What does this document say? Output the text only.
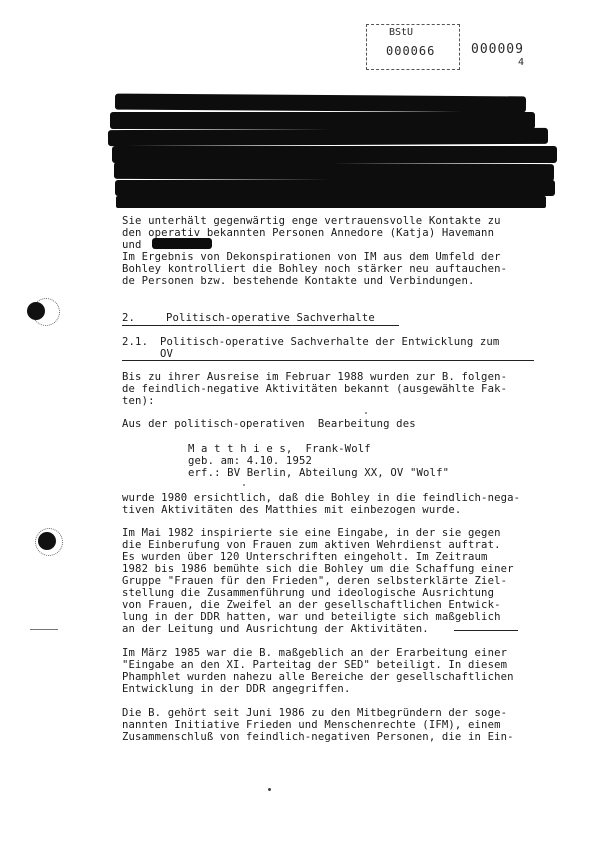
BStU
000066	000009
4
Sie unterhält gegenwärtig enge vertrauensvolle Kontakte zu
den operativ bekannten Personen Annedore (Katja) Havemann
und
Im Ergebnis von Dekonspirationen von IM aus dem Umfeld der
Bohley kontrolliert die Bohley noch stärker neu auftauchen-
de Personen bzw. bestehende Kontakte und Verbindungen.
2.	Politisch-operative Sachverhalte
2.1. Politisch-operative Sachverhalte der Entwicklung zum
OV
Bis zu ihrer Ausreise im Februar 1988 wurden zur B. folgen-
de feindlich-negative Aktivitäten bekannt (ausgewählte Fak-
ten):
Aus der politisch-operativen  Bearbeitung des
M a t t h i e s,  Frank-Wolf
geb. am: 4.10. 1952
erf.: BV Berlin, Abteilung XX, OV "Wolf"
wurde 1980 ersichtlich, daß die Bohley in die feindlich-nega-
tiven Aktivitäten des Matthies mit einbezogen wurde.
Im Mai 1982 inspirierte sie eine Eingabe, in der sie gegen
die Einberufung von Frauen zum aktiven Wehrdienst auftrat.
Es wurden über 120 Unterschriften eingeholt. Im Zeitraum
1982 bis 1986 bemühte sich die Bohley um die Schaffung einer
Gruppe "Frauen für den Frieden", deren selbsterklärte Ziel-
stellung die Zusammenführung und ideologische Ausrichtung
von Frauen, die Zweifel an der gesellschaftlichen Entwick-
lung in der DDR hatten, war und beteiligte sich maßgeblich
an der Leitung und Ausrichtung der Aktivitäten.
Im März 1985 war die B. maßgeblich an der Erarbeitung einer
"Eingabe an den XI. Parteitag der SED" beteiligt. In diesem
Phamphlet wurden nahezu alle Bereiche der gesellschaftlichen
Entwicklung in der DDR angegriffen.
Die B. gehört seit Juni 1986 zu den Mitbegründern der soge-
nannten Initiative Frieden und Menschenrechte (IFM), einem
Zusammenschluß von feindlich-negativen Personen, die in Ein-
